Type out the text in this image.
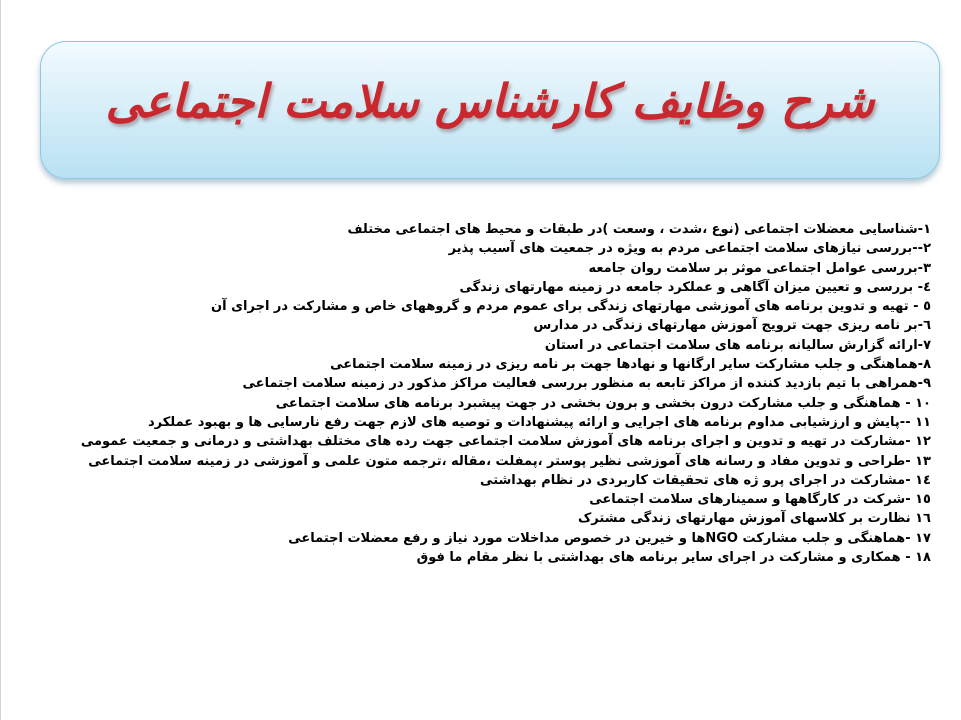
شرح وظایف کارشناس سلامت اجتماعی
۱-شناسایی معضلات اجتماعی (نوع ،شدت ، وسعت )در طبقات و محیط های اجتماعی مختلف
۲--بررسی نیازهای سلامت اجتماعی مردم به ویژه در جمعیت های آسیب پذیر
۳-بررسی عوامل اجتماعی موثر بر سلامت روان جامعه
٤- بررسی و تعیین میزان آگاهی و عملکرد جامعه در زمینه مهارتهای زندگی
٥ - تهیه و تدوین برنامه های آموزشی مهارتهای زندگی برای عموم مردم و گروههای خاص و مشارکت در اجرای آن
٦-بر نامه ریزی جهت ترویج آموزش مهارتهای زندگی در مدارس
۷-ارائه گزارش سالیانه برنامه های سلامت اجتماعی در استان
۸-هماهنگی و جلب مشارکت سایر ارگانها و نهادها جهت بر نامه ریزی در زمینه سلامت اجتماعی
۹-همراهی با تیم بازدید کننده از مراکز تابعه به منظور بررسی فعالیت مراکز مذکور در زمینه سلامت اجتماعی
۱۰ - هماهنگی و جلب مشارکت درون بخشی و برون بخشی در جهت پیشبرد برنامه های سلامت اجتماعی
۱۱ --پایش و ارزشیابی مداوم برنامه های اجرایی و ارائه پیشنهادات و توصیه های لازم جهت رفع نارسایی ها و بهبود عملکرد
۱۲ -مشارکت در تهیه و تدوین و اجرای برنامه های آموزش سلامت اجتماعی جهت رده های مختلف بهداشتی و درمانی و جمعیت عمومی
۱۳ -طراحی و تدوین مفاد و رسانه های آموزشی نظیر پوستر ،پمفلت ،مقاله ،ترجمه متون علمی و آموزشی در زمینه سلامت اجتماعی
۱٤ -مشارکت در اجرای پرو ژه های تحقیقات کاربردی در نظام بهداشتی
۱٥ -شرکت در کارگاهها و سمینارهای سلامت اجتماعی
۱٦ نظارت بر کلاسهای آموزش مهارتهای زندگی مشترک
۱۷ -هماهنگی و جلب مشارکت NGOها و خیرین در خصوص مداخلات مورد نیاز و رفع معضلات اجتماعی
۱۸ - همکاری و مشارکت در اجرای سایر برنامه های بهداشتی با نظر مقام ما فوق
